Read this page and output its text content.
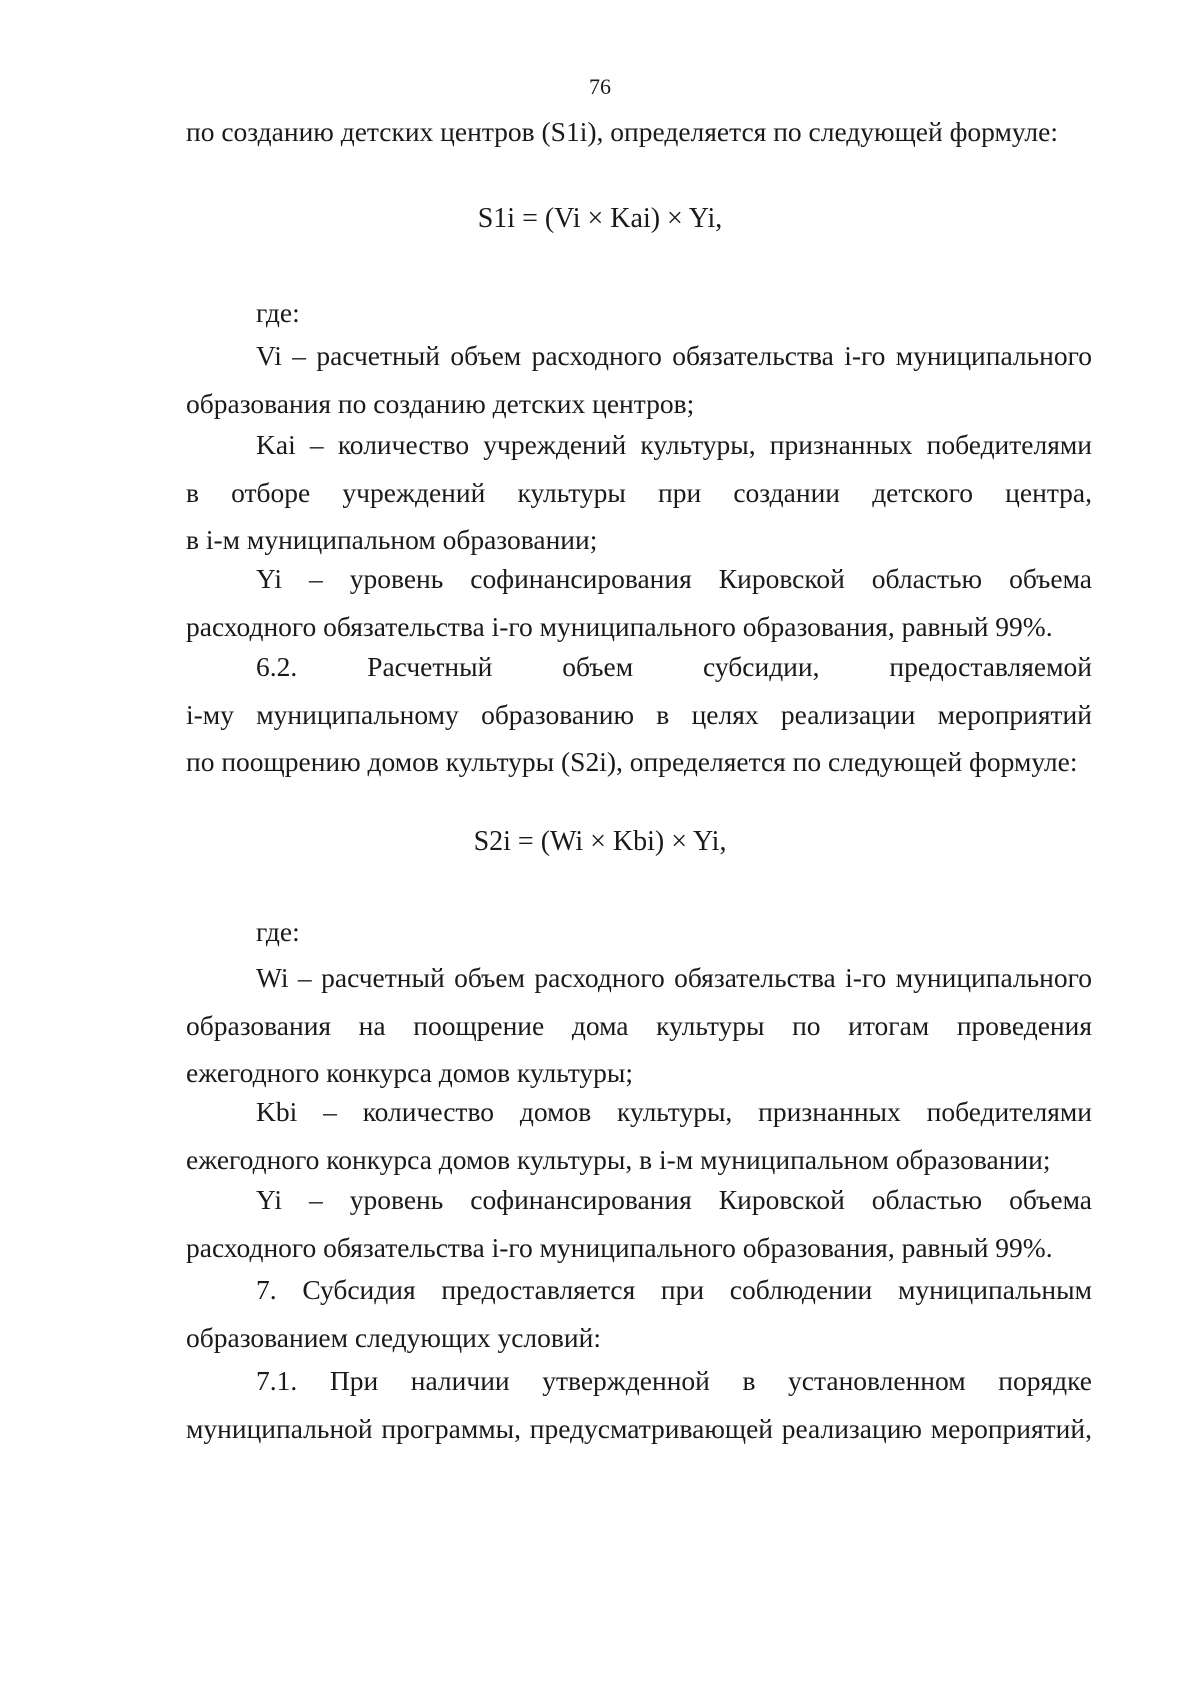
76

по созданию детских центров (S1i), определяется по следующей формуле:

S1i = (Vi × Kai) × Yi,
где:

Vi – расчетный объем расходного обязательства i-го муниципального

образования по созданию детских центров;

Kai – количество учреждений культуры, признанных победителями

в отборе учреждений культуры при создании детского центра,

в i-м муниципальном образовании;

Yi – уровень софинансирования Кировской областью объема

расходного обязательства i-го муниципального образования, равный 99%.

6.2. Расчетный объем субсидии, предоставляемой

i-му муниципальному образованию в целях реализации мероприятий

по поощрению домов культуры (S2i), определяется по следующей формуле:

S2i = (Wi × Kbi) × Yi,
где:

Wi – расчетный объем расходного обязательства i-го муниципального

образования на поощрение дома культуры по итогам проведения

ежегодного конкурса домов культуры;

Kbi – количество домов культуры, признанных победителями

ежегодного конкурса домов культуры, в i-м муниципальном образовании;

Yi – уровень софинансирования Кировской областью объема

расходного обязательства i-го муниципального образования, равный 99%.

7. Субсидия предоставляется при соблюдении муниципальным

образованием следующих условий:

7.1. При наличии утвержденной в установленном порядке

муниципальной программы, предусматривающей реализацию мероприятий,
